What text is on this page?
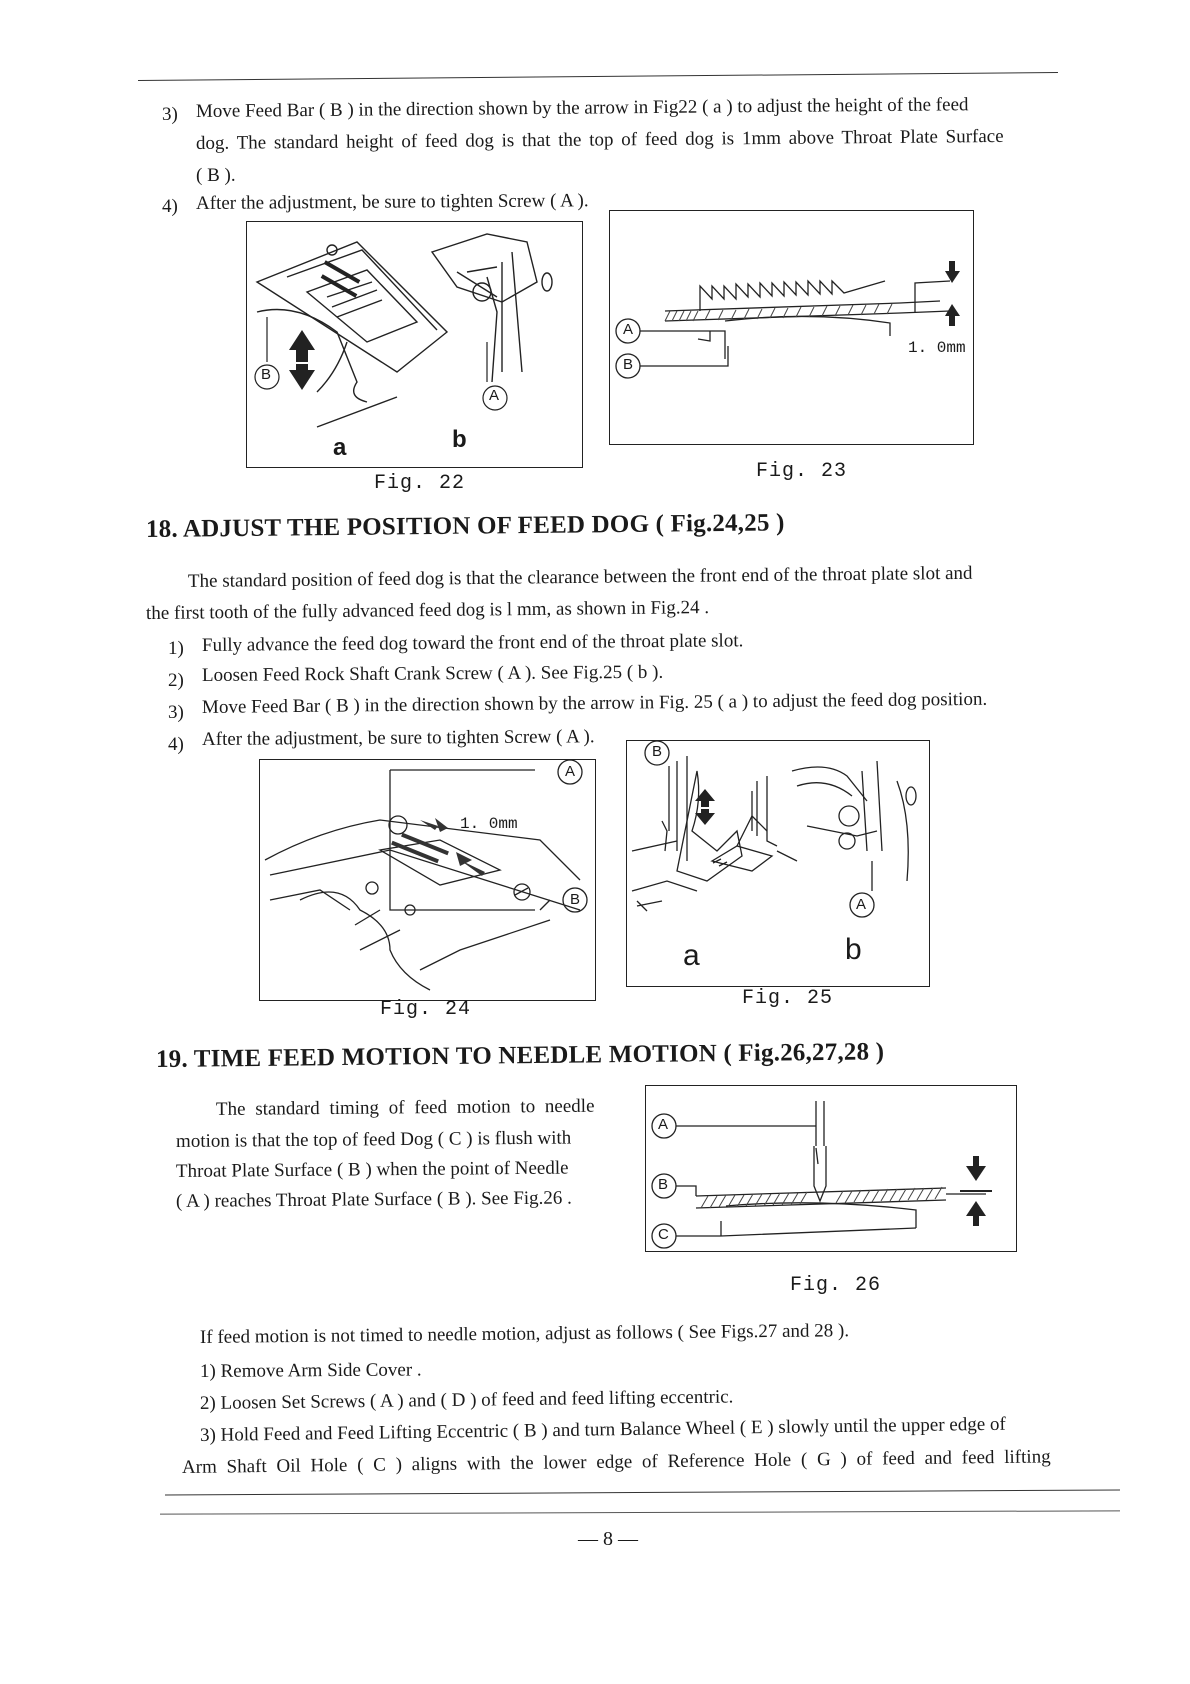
3) Move Feed Bar ( B ) in the direction shown by the arrow in Fig22 ( a ) to adjust the height of the feed
dog. The standard height of feed dog is that the top of feed dog is 1mm above Throat Plate Surface
( B ).
4) After the adjustment, be sure to tighten Screw ( A ).
B
A
a	b
Fig. 22
A
B
1. 0mm
Fig. 23
18. ADJUST THE POSITION OF FEED DOG ( Fig.24,25 )
The standard position of feed dog is that the clearance between the front end of the throat plate slot and
the first tooth of the fully advanced feed dog is l mm, as shown in Fig.24 .
1) Fully advance the feed dog toward the front end of the throat plate slot.
2) Loosen Feed Rock Shaft Crank Screw ( A ). See Fig.25 ( b ).
3) Move Feed Bar ( B ) in the direction shown by the arrow in Fig. 25 ( a ) to adjust the feed dog position.
4) After the adjustment, be sure to tighten Screw ( A ).
A
B
1. 0mm
Fig. 24
B
A
a	b
Fig. 25
19. TIME FEED MOTION TO NEEDLE MOTION ( Fig.26,27,28 )
The standard timing of feed motion to needle
motion is that the top of feed Dog ( C ) is flush with
Throat Plate Surface ( B ) when the point of Needle
( A ) reaches Throat Plate Surface ( B ). See Fig.26 .
A
B
C
Fig. 26
If feed motion is not timed to needle motion, adjust as follows ( See Figs.27 and 28 ).
1) Remove Arm Side Cover .
2) Loosen Set Screws ( A ) and ( D ) of feed and feed lifting eccentric.
3) Hold Feed and Feed Lifting Eccentric ( B ) and turn Balance Wheel ( E ) slowly until the upper edge of
Arm Shaft Oil Hole ( C ) aligns with the lower edge of Reference Hole ( G ) of feed and feed lifting
— 8 —
